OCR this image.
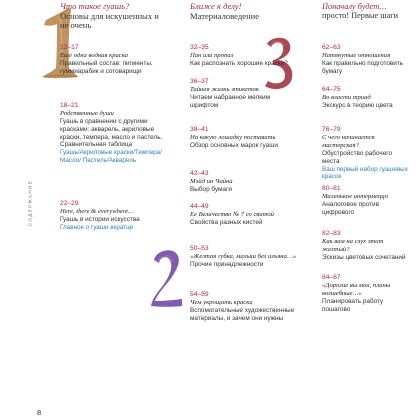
СОДЕРЖАНИЕ
8
Что такое гуашь?
Основы для искушенных и не очень
12–17
Еще одна водная краска
Правильный состав: пигменты, гуммиарабик и сотоварищи
18–21
Родственные души
Гуашь в сравнении с другими красками: акварель, акриловые краски, темпера, масло и пастель. Сравнительная таблица
Гуашь/Акриловые краски/Темпера/Масло/ Пастель/Акварель
22–29
Here, there & everywhere…
Гуашь в истории искусства
Главное о гуаши вкратце
Ближе к делу!
Материаловедение
32–35
Пан или пропал
Как распознать хорошие краски?
36–37
Тайная жизнь этикеток
Читаем набранное мелким шрифтом
38–41
На какую лошадку поставить
Обзор основных марок гуаши
42–43
Мэйд ин Чайна
Выбор бумаги
44–49
Ее Величество № 7 со свитой
Свойства разных кистей
50–53
«Желтая губка, малыш без изъяна…»
Прочие принадлежности
54–59
Чем укрощать краски
Вспомогательные художественные материалы, и зачем они нужны
Поначалу будет…
просто! Первые шаги
62–63
Натянутые отношения
Как правильно подготовить бумагу
64–75
Во власти триад
Экскурс в теорию цвета
76–79
С чего начинается мастерская?
Обустройство рабочего места
Ваш первый набор гуашевых красок
80–81
Маленькое интермеццо
Аналоговое против цифрового
82–83
Как вам на слух этот желтый?
Эскизы цветовых сочетаний
84–87
«Дорогие вы мои, планы волшебные…»
Планировать работу пошагово
